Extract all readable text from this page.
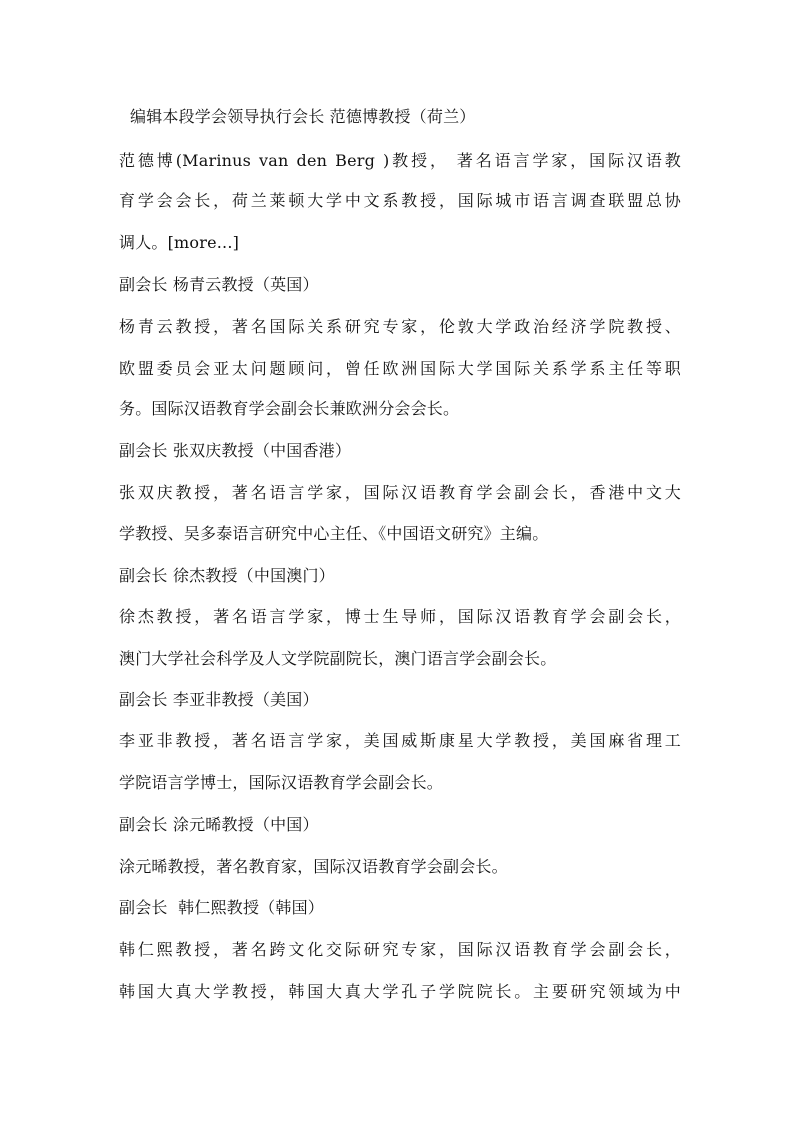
编辑本段学会领导执行会长 范德博教授（荷兰）
范德博(Marinus van den Berg )教授， 著名语言学家，国际汉语教
育学会会长，荷兰莱顿大学中文系教授，国际城市语言调查联盟总协
调人。[more...]
副会长 杨青云教授（英国）
杨青云教授，著名国际关系研究专家，伦敦大学政治经济学院教授、
欧盟委员会亚太问题顾问，曾任欧洲国际大学国际关系学系主任等职
务。国际汉语教育学会副会长兼欧洲分会会长。
副会长 张双庆教授（中国香港）
张双庆教授，著名语言学家，国际汉语教育学会副会长，香港中文大
学教授、吴多泰语言研究中心主任、《中国语文研究》主编。
副会长 徐杰教授（中国澳门）
徐杰教授，著名语言学家，博士生导师，国际汉语教育学会副会长，
澳门大学社会科学及人文学院副院长，澳门语言学会副会长。
副会长 李亚非教授（美国）
李亚非教授，著名语言学家，美国威斯康星大学教授，美国麻省理工
学院语言学博士，国际汉语教育学会副会长。
副会长 涂元晞教授（中国）
涂元晞教授，著名教育家，国际汉语教育学会副会长。
副会长  韩仁熙教授（韩国）
韩仁熙教授，著名跨文化交际研究专家，国际汉语教育学会副会长，
韩国大真大学教授，韩国大真大学孔子学院院长。主要研究领域为中
